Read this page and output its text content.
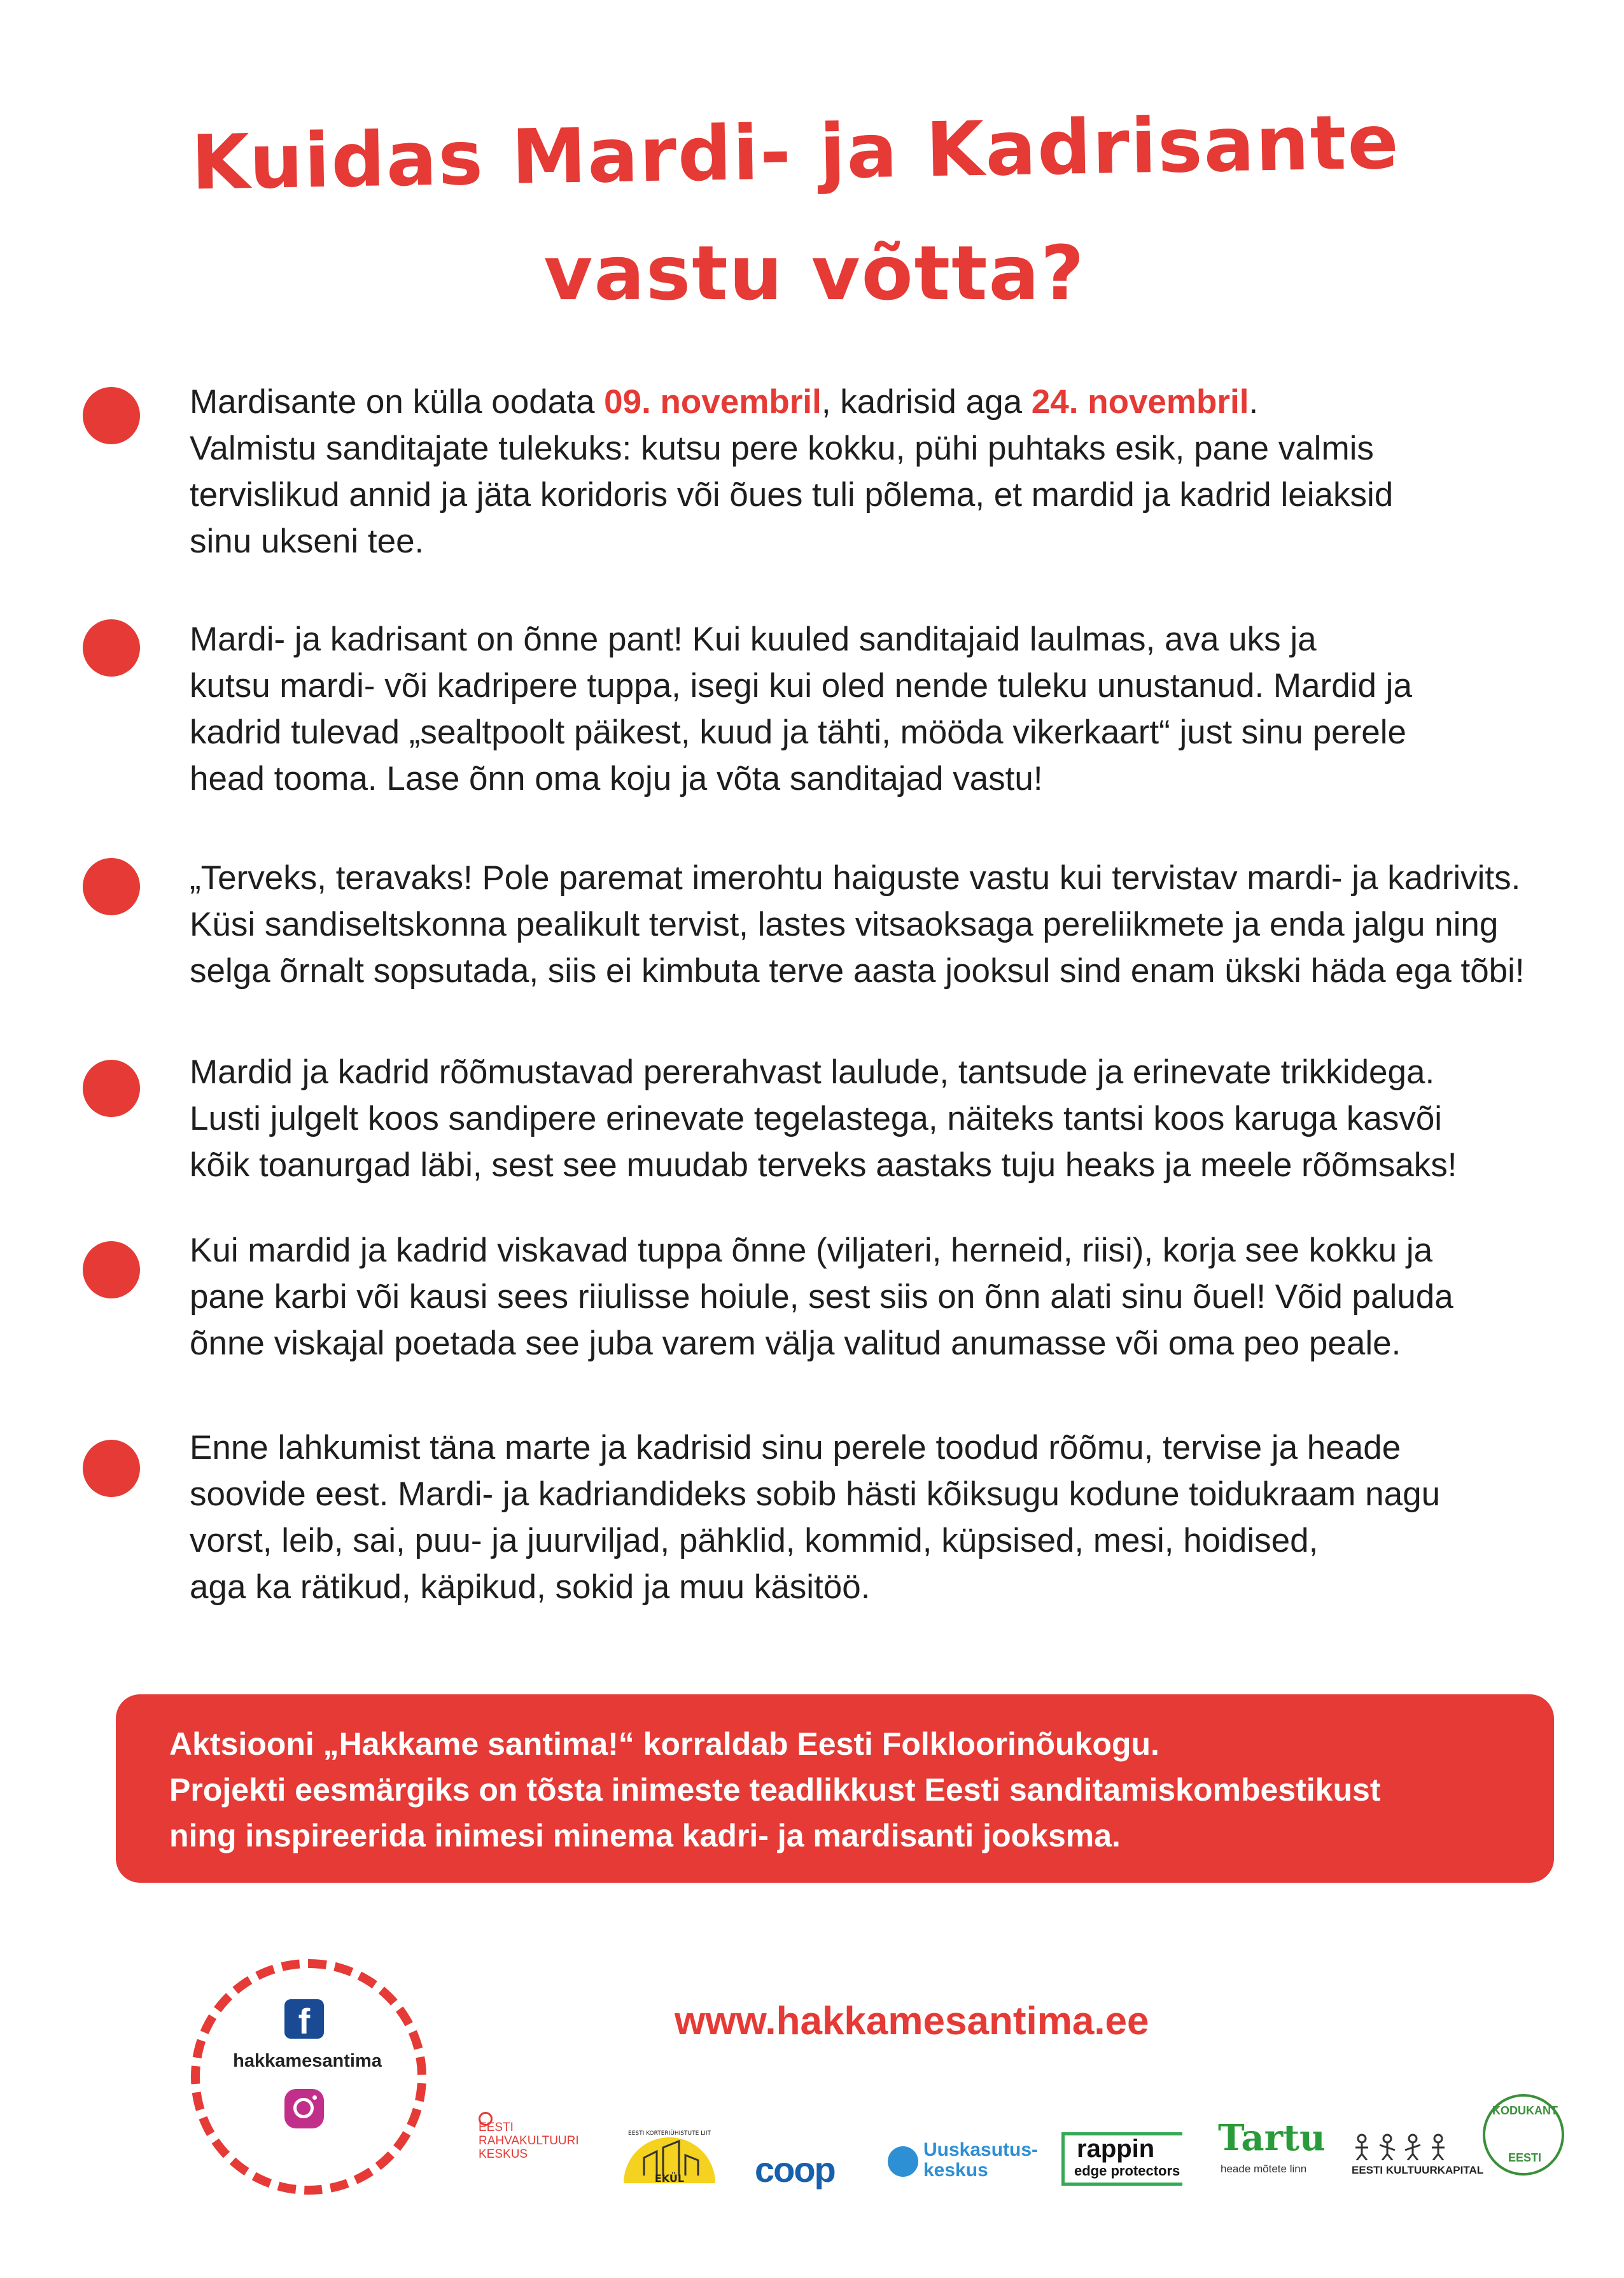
Kuidas Mardi- ja Kadrisante
vastu võtta?
Mardisante on külla oodata 09. novembril, kadrisid aga 24. novembril.
Valmistu sanditajate tulekuks: kutsu pere kokku, pühi puhtaks esik, pane valmis
tervislikud annid ja jäta koridoris või õues tuli põlema, et mardid ja kadrid leiaksid
sinu ukseni tee.
Mardi- ja kadrisant on õnne pant! Kui kuuled sanditajaid laulmas, ava uks ja
kutsu mardi- või kadripere tuppa, isegi kui oled nende tuleku unustanud. Mardid ja
kadrid tulevad „sealtpoolt päikest, kuud ja tähti, mööda vikerkaart“ just sinu perele
head tooma. Lase õnn oma koju ja võta sanditajad vastu!
„Terveks, teravaks! Pole paremat imerohtu haiguste vastu kui tervistav mardi- ja kadrivits.
Küsi sandiseltskonna pealikult tervist, lastes vitsaoksaga pereliikmete ja enda jalgu ning
selga õrnalt sopsutada, siis ei kimbuta terve aasta jooksul sind enam ükski häda ega tõbi!
Mardid ja kadrid rõõmustavad pererahvast laulude, tantsude ja erinevate trikkidega.
Lusti julgelt koos sandipere erinevate tegelastega, näiteks tantsi koos karuga kasvõi
kõik toanurgad läbi, sest see muudab terveks aastaks tuju heaks ja meele rõõmsaks!
Kui mardid ja kadrid viskavad tuppa õnne (viljateri, herneid, riisi), korja see kokku ja
pane karbi või kausi sees riiulisse hoiule, sest siis on õnn alati sinu õuel! Võid paluda
õnne viskajal poetada see juba varem välja valitud anumasse või oma peo peale.
Enne lahkumist täna marte ja kadrisid sinu perele toodud rõõmu, tervise ja heade
soovide eest. Mardi- ja kadriandideks sobib hästi kõiksugu kodune toidukraam nagu
vorst, leib, sai, puu- ja juurviljad, pähklid, kommid, küpsised, mesi, hoidised,
aga ka rätikud, käpikud, sokid ja muu käsitöö.
Aktsiooni „Hakkame santima!“ korraldab Eesti Folkloorinõukogu.
Projekti eesmärgiks on tõsta inimeste teadlikkust Eesti sanditamiskombestikust
ning inspireerida inimesi minema kadri- ja mardisanti jooksma.
f
hakkamesantima
www.hakkamesantima.ee
EESTI
RAHVAKULTUURI
KESKUS
EKÜL
EESTI KORTERIÜHISTUTE LIIT
coop	Uuskasutus-
keskus
rappin
edge protectors
Tartu
heade mõtete linn	EESTI KULTUURKAPITAL
KODUKANT
EESTI
